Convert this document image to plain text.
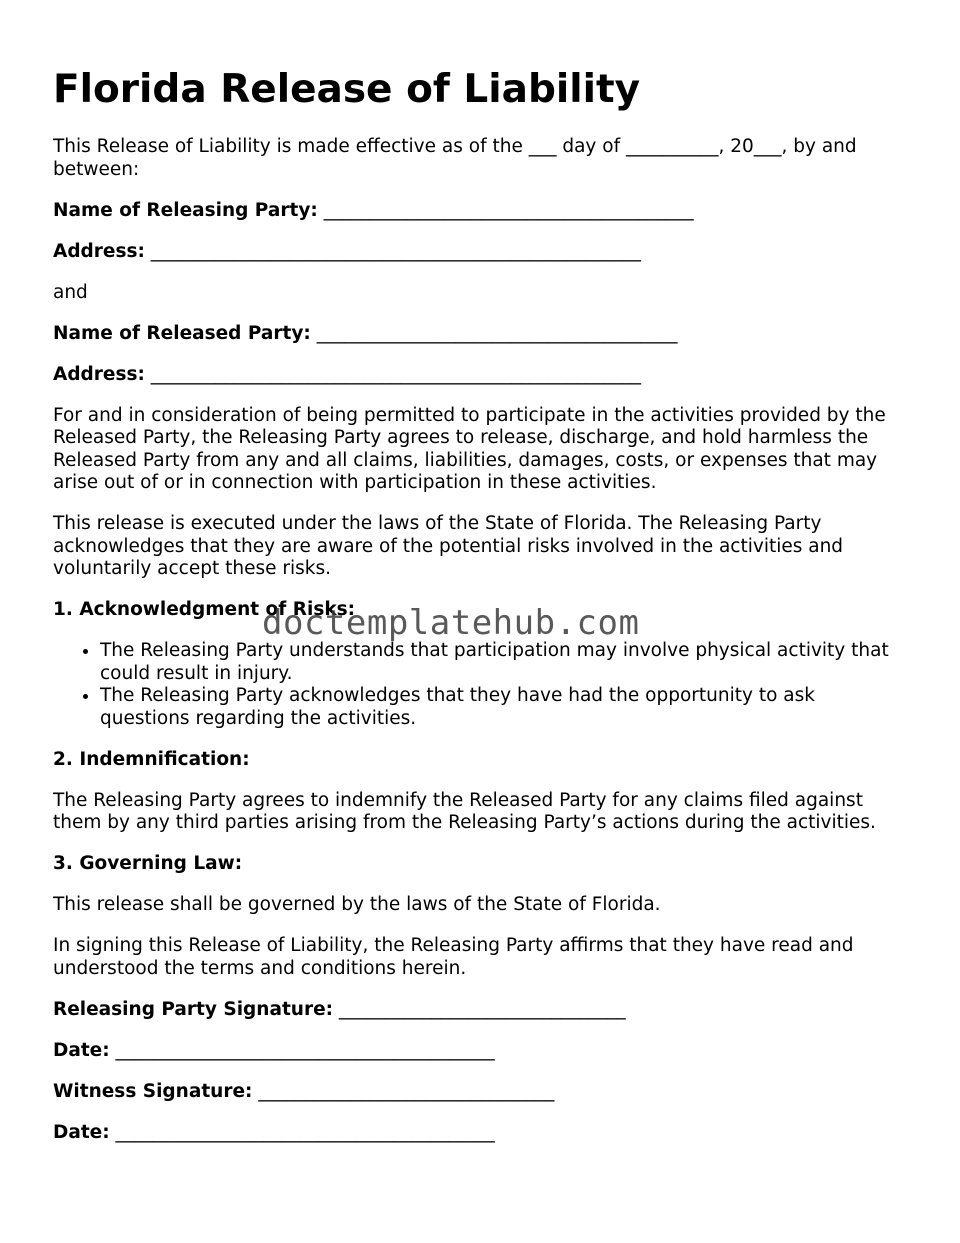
Florida Release of Liability

This Release of Liability is made effective as of the ___ day of __________, 20___, by and between:

Name of Releasing Party: ________________________________________

Address: _____________________________________________________

and

Name of Released Party: _______________________________________

Address: _____________________________________________________

For and in consideration of being permitted to participate in the activities provided by the Released Party, the Releasing Party agrees to release, discharge, and hold harmless the Released Party from any and all claims, liabilities, damages, costs, or expenses that may arise out of or in connection with participation in these activities.

This release is executed under the laws of the State of Florida. The Releasing Party acknowledges that they are aware of the potential risks involved in the activities and voluntarily accept these risks.

1. Acknowledgment of Risks:
• The Releasing Party understands that participation may involve physical activity that could result in injury.
• The Releasing Party acknowledges that they have had the opportunity to ask questions regarding the activities.
2. Indemnification:

The Releasing Party agrees to indemnify the Released Party for any claims filed against them by any third parties arising from the Releasing Party’s actions during the activities.

3. Governing Law:

This release shall be governed by the laws of the State of Florida.

In signing this Release of Liability, the Releasing Party affirms that they have read and understood the terms and conditions herein.

Releasing Party Signature: _______________________________

Date: _________________________________________

Witness Signature: ________________________________

Date: _________________________________________

doctemplatehub.com
